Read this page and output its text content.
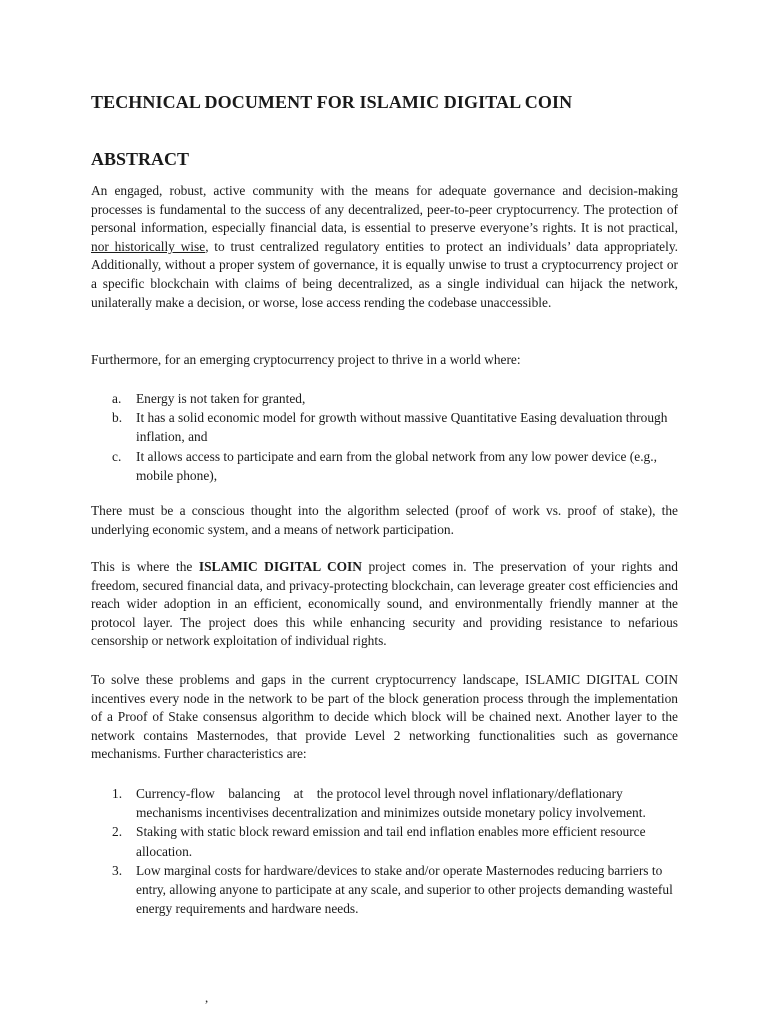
TECHNICAL DOCUMENT FOR ISLAMIC DIGITAL COIN
ABSTRACT

An engaged, robust, active community with the means for adequate governance and decision-making processes is fundamental to the success of any decentralized, peer-to-peer cryptocurrency. The protection of personal information, especially financial data, is essential to preserve everyone’s rights. It is not practical, nor historically wise, to trust centralized regulatory entities to protect an individuals’ data appropriately. Additionally, without a proper system of governance, it is equally unwise to trust a cryptocurrency project or a specific blockchain with claims of being decentralized, as a single individual can hijack the network, unilaterally make a decision, or worse, lose access rending the codebase unaccessible.

Furthermore, for an emerging cryptocurrency project to thrive in a world where:

a. Energy is not taken for granted,
b. It has a solid economic model for growth without massive Quantitative Easing devaluation through inflation, and
c. It allows access to participate and earn from the global network from any low power device (e.g., mobile phone),

There must be a conscious thought into the algorithm selected (proof of work vs. proof of stake), the underlying economic system, and a means of network participation.

This is where the ISLAMIC DIGITAL COIN project comes in. The preservation of your rights and freedom, secured financial data, and privacy-protecting blockchain, can leverage greater cost efficiencies and reach wider adoption in an efficient, economically sound, and environmentally friendly manner at the protocol layer. The project does this while enhancing security and providing resistance to nefarious censorship or network exploitation of individual rights.

To solve these problems and gaps in the current cryptocurrency landscape, ISLAMIC DIGITAL COIN incentives every node in the network to be part of the block generation process through the implementation of a Proof of Stake consensus algorithm to decide which block will be chained next. Another layer to the network contains Masternodes, that provide Level 2 networking functionalities such as governance mechanisms. Further characteristics are:

1. Currency-flow    balancing    at    the protocol level through novel inflationary/deflationary mechanisms incentivises decentralization and minimizes outside monetary policy involvement.
2. Staking with static block reward emission and tail end inflation enables more efficient resource allocation.
3. Low marginal costs for hardware/devices to stake and/or operate Masternodes reducing barriers to entry, allowing anyone to participate at any scale, and superior to other projects demanding wasteful energy requirements and hardware needs.
,
